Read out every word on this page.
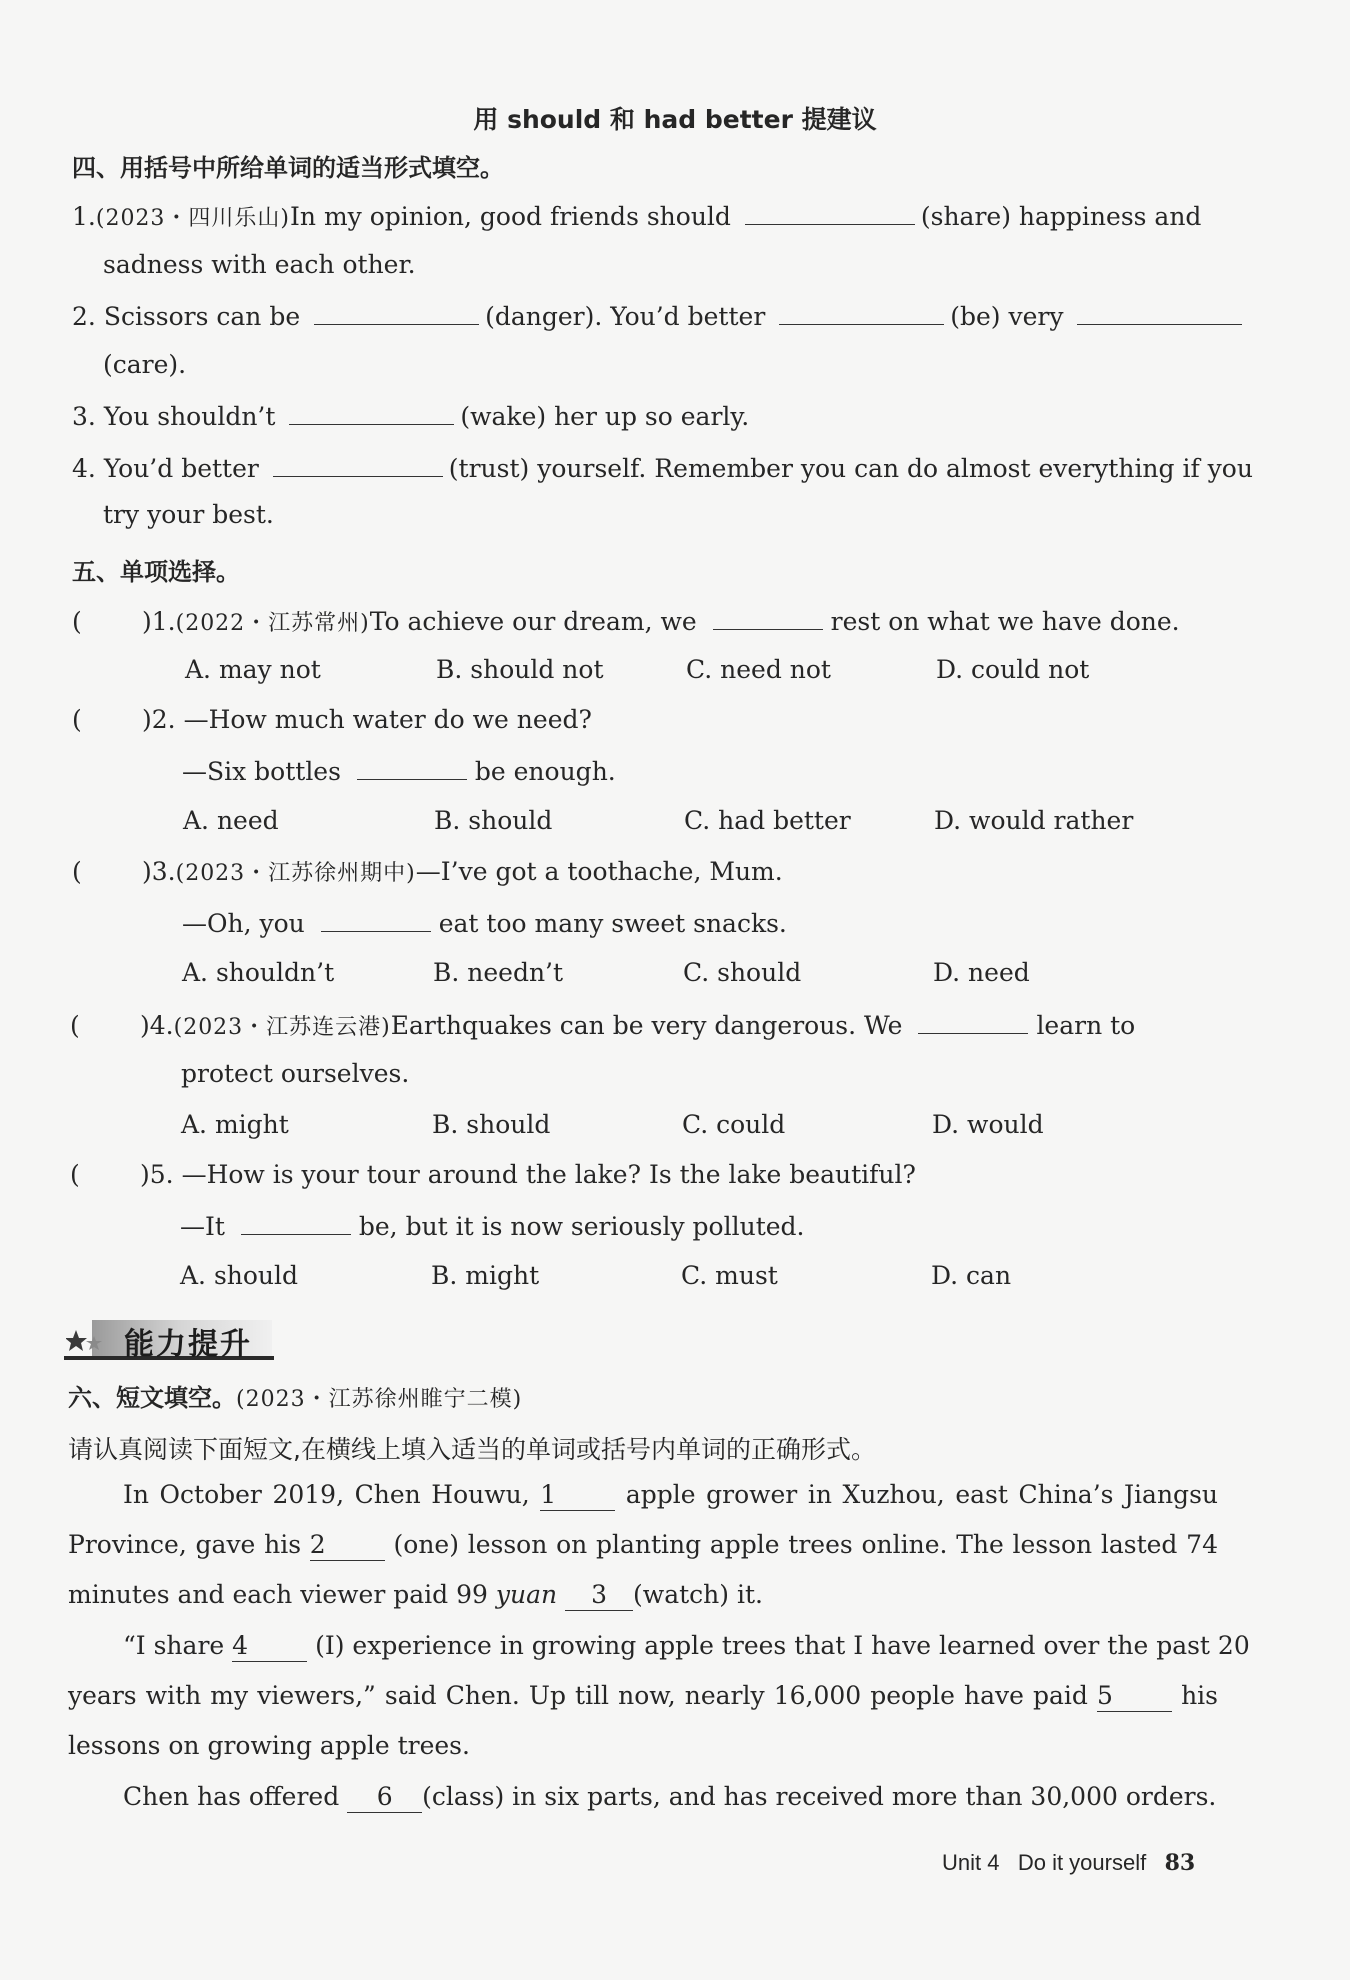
用 should 和 had better 提建议
四、用括号中所给单词的适当形式填空。
1.(2023・四川乐山)In my opinion, good friends should	(share) happiness and
sadness with each other.
2. Scissors can be	(danger). You’d better	(be) very
(care).
3. You shouldn’t	(wake) her up so early.
4. You’d better	(trust) yourself. Remember you can do almost everything if you
try your best.
五、单项选择。
( )1.(2022・江苏常州)To achieve our dream, we	rest on what we have done.
A. may not	B. should not	C. need not	D. could not
( )2. —How much water do we need?
—Six bottles	be enough.
A. need	B. should	C. had better	D. would rather
( )3.(2023・江苏徐州期中)—I’ve got a toothache, Mum.
—Oh, you	eat too many sweet snacks.
A. shouldn’t	B. needn’t	C. should	D. need
( )4.(2023・江苏连云港)Earthquakes can be very dangerous. We	learn to
protect ourselves.
A. might	B. should	C. could	D. would
( )5. —How is your tour around the lake? Is the lake beautiful?
—It	be, but it is now seriously polluted.
A. should	B. might	C. must	D. can
能力提升
六、短文填空。(2023・江苏徐州睢宁二模)
请认真阅读下面短文,在横线上填入适当的单词或括号内单词的正确形式。
In October 2019, Chen Houwu, 1	apple grower in Xuzhou, east China’s Jiangsu
Province, gave his 2	(one) lesson on planting apple trees online. The lesson lasted 74
minutes and each viewer paid 99 yuan 3 (watch) it.
“I share 4	(I) experience in growing apple trees that I have learned over the past 20
years with my viewers,” said Chen. Up till now, nearly 16,000 people have paid 5	his
lessons on growing apple trees.
Chen has offered 6 (class) in six parts, and has received more than 30,000 orders.
Unit 4 Do it yourself 83
